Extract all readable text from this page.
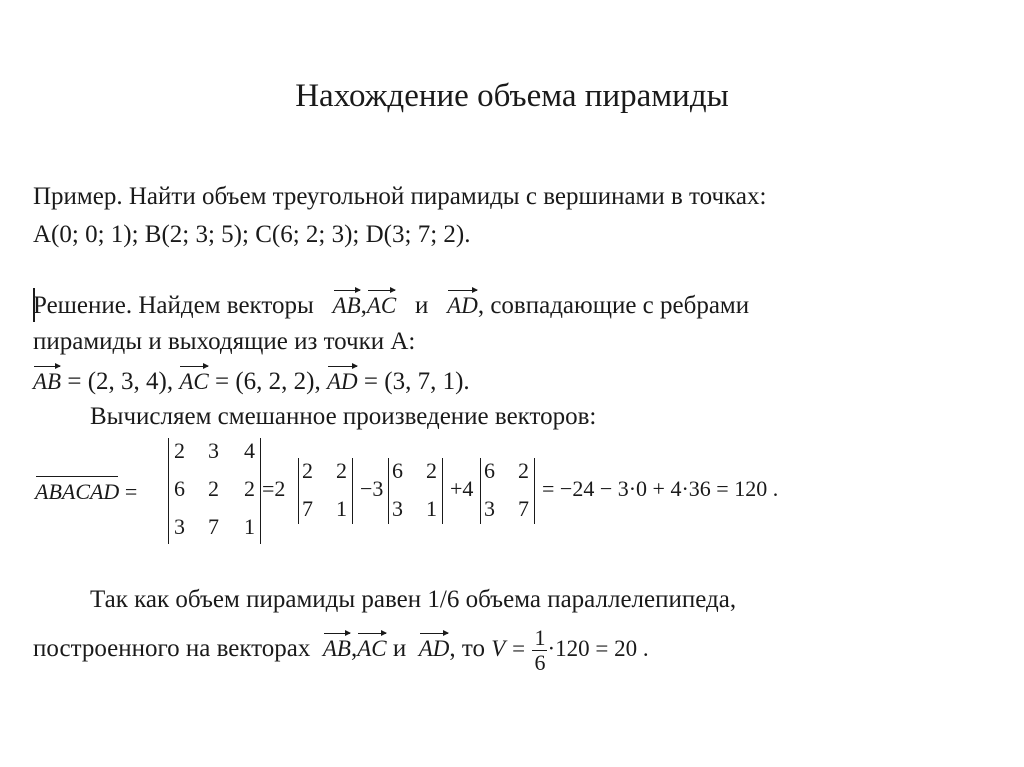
Нахождение объема пирамиды
Пример. Найти объем треугольной пирамиды с вершинами в точках:
A(0; 0; 1); B(2; 3; 5); C(6; 2; 3); D(3; 7; 2).
Решение. Найдем векторы AB,AC и AD, совпадающие с ребрами
пирамиды и выходящие из точки A:
AB = (2, 3, 4), AC = (6, 2, 2), AD = (3, 7, 1).
Вычисляем смешанное произведение векторов:
ABACAD =
2 3 4
6 2 2
3 7 1
=2
2 2
7 1
−3
6 2
3 1
+4
6 2
3 7
= −24 − 3·0 + 4·36 = 120 .
Так как объем пирамиды равен 1/6 объема параллелепипеда,
построенного на векторах AB,AC и AD, то $V = \frac{1}{6} \cdot 120 = 20$ .
